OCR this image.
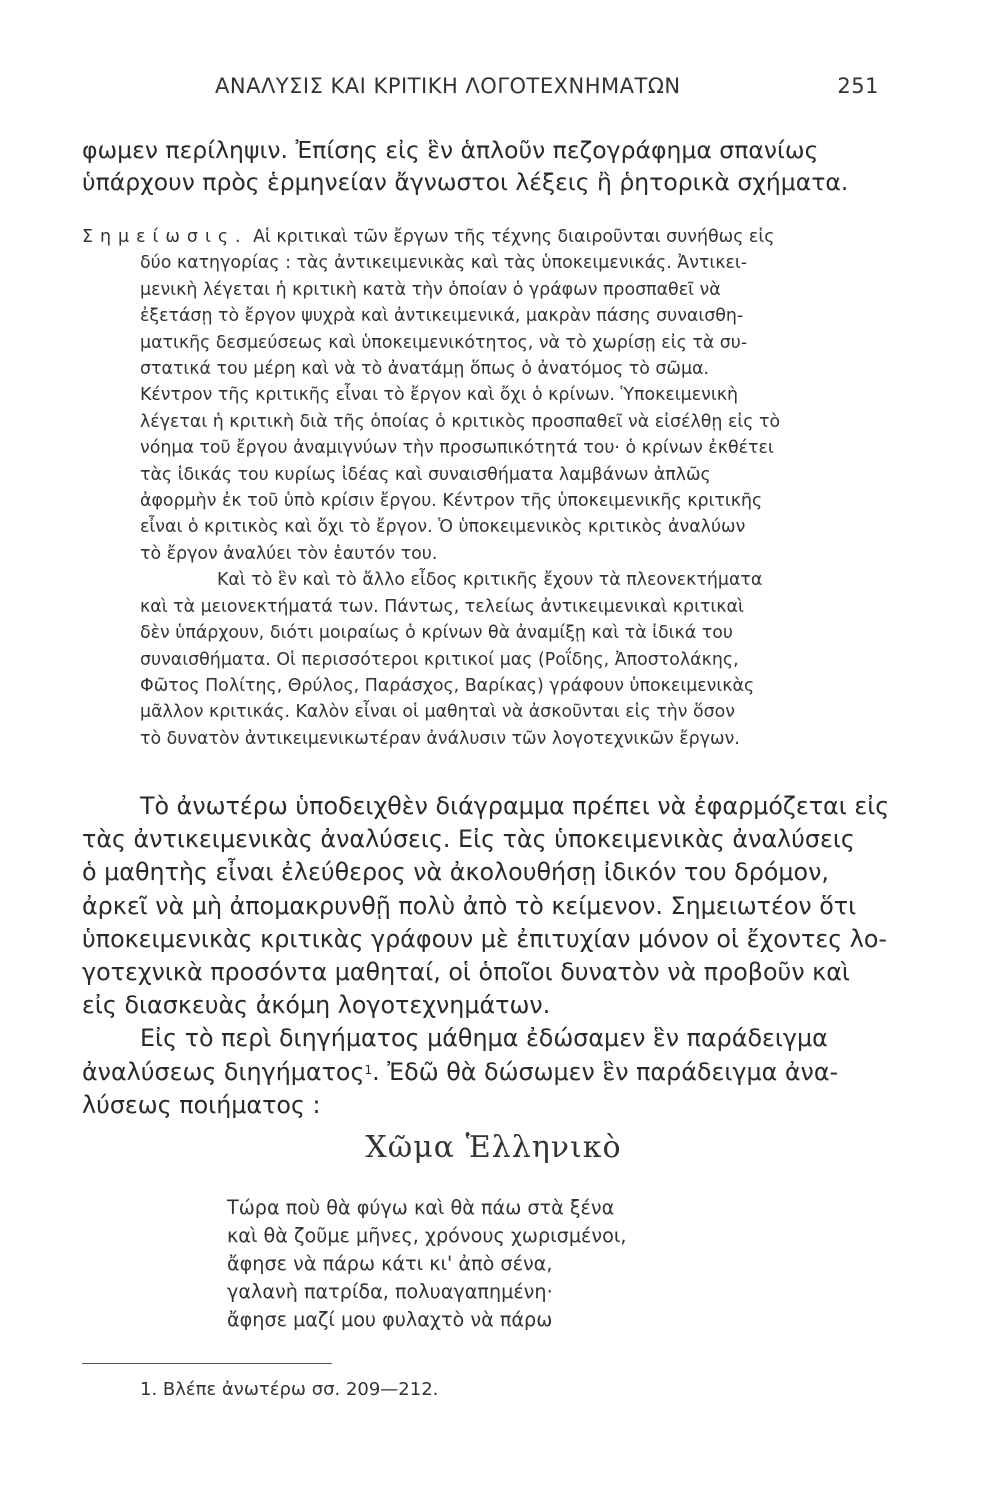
ΑΝΑΛΥΣΙΣ ΚΑΙ ΚΡΙΤΙΚΗ ΛΟΓΟΤΕΧΝΗΜΑΤΩΝ	251

φωμεν περίληψιν. Ἐπίσης εἰς ἓν ἁπλοῦν πεζογράφημα σπανίως
ὑπάρχουν πρὸς ἑρμηνείαν ἄγνωστοι λέξεις ἢ ῥητορικὰ σχήματα.

Σημείωσις. Αἱ κριτικαὶ τῶν ἔργων τῆς τέχνης διαιροῦνται συνήθως εἰς
δύο κατηγορίας : τὰς ἀντικειμενικὰς καὶ τὰς ὑποκειμενικάς. Ἀντικει-
μενικὴ λέγεται ἡ κριτικὴ κατὰ τὴν ὁποίαν ὁ γράφων προσπαθεῖ νὰ
ἐξετάσῃ τὸ ἔργον ψυχρὰ καὶ ἀντικειμενικά, μακρὰν πάσης συναισθη-
ματικῆς δεσμεύσεως καὶ ὑποκειμενικότητος, νὰ τὸ χωρίσῃ εἰς τὰ συ-
στατικά του μέρη καὶ νὰ τὸ ἀνατάμῃ ὅπως ὁ ἀνατόμος τὸ σῶμα.
Κέντρον τῆς κριτικῆς εἶναι τὸ ἔργον καὶ ὄχι ὁ κρίνων. Ὑποκειμενικὴ
λέγεται ἡ κριτικὴ διὰ τῆς ὁποίας ὁ κριτικὸς προσπαθεῖ νὰ εἰσέλθῃ εἰς τὸ
νόημα τοῦ ἔργου ἀναμιγνύων τὴν προσωπικότητά του· ὁ κρίνων ἐκθέτει
τὰς ἰδικάς του κυρίως ἰδέας καὶ συναισθήματα λαμβάνων ἁπλῶς
ἀφορμὴν ἐκ τοῦ ὑπὸ κρίσιν ἔργου. Κέντρον τῆς ὑποκειμενικῆς κριτικῆς
εἶναι ὁ κριτικὸς καὶ ὄχι τὸ ἔργον. Ὁ ὑποκειμενικὸς κριτικὸς ἀναλύων
τὸ ἔργον ἀναλύει τὸν ἑαυτόν του.
Καὶ τὸ ἓν καὶ τὸ ἄλλο εἶδος κριτικῆς ἔχουν τὰ πλεονεκτήματα
καὶ τὰ μειονεκτήματά των. Πάντως, τελείως ἀντικειμενικαὶ κριτικαὶ
δὲν ὑπάρχουν, διότι μοιραίως ὁ κρίνων θὰ ἀναμίξῃ καὶ τὰ ἰδικά του
συναισθήματα. Οἱ περισσότεροι κριτικοί μας (Ροΐδης, Ἀποστολάκης,
Φῶτος Πολίτης, Θρύλος, Παράσχος, Βαρίκας) γράφουν ὑποκειμενικὰς
μᾶλλον κριτικάς. Καλὸν εἶναι οἱ μαθηταὶ νὰ ἀσκοῦνται εἰς τὴν ὅσον
τὸ δυνατὸν ἀντικειμενικωτέραν ἀνάλυσιν τῶν λογοτεχνικῶν ἔργων.
Τὸ ἀνωτέρω ὑποδειχθὲν διάγραμμα πρέπει νὰ ἐφαρμόζεται εἰς
τὰς ἀντικειμενικὰς ἀναλύσεις. Εἰς τὰς ὑποκειμενικὰς ἀναλύσεις
ὁ μαθητὴς εἶναι ἐλεύθερος νὰ ἀκολουθήσῃ ἰδικόν του δρόμον,
ἀρκεῖ νὰ μὴ ἀπομακρυνθῇ πολὺ ἀπὸ τὸ κείμενον. Σημειωτέον ὅτι
ὑποκειμενικὰς κριτικὰς γράφουν μὲ ἐπιτυχίαν μόνον οἱ ἔχοντες λο-
γοτεχνικὰ προσόντα μαθηταί, οἱ ὁποῖοι δυνατὸν νὰ προβοῦν καὶ
εἰς διασκευὰς ἀκόμη λογοτεχνημάτων.
Εἰς τὸ περὶ διηγήματος μάθημα ἐδώσαμεν ἓν παράδειγμα
ἀναλύσεως διηγήματος$^1$. Ἐδῶ θὰ δώσωμεν ἓν παράδειγμα ἀνα-
λύσεως ποιήματος :
Χῶμα Ἑλληνικὸ
Τώρα ποὺ θὰ φύγω καὶ θὰ πάω στὰ ξένα
καὶ θὰ ζοῦμε μῆνες, χρόνους χωρισμένοι,
ἄφησε νὰ πάρω κάτι κι' ἀπὸ σένα,
γαλανὴ πατρίδα, πολυαγαπημένη·
ἄφησε μαζί μου φυλαχτὸ νὰ πάρω

1. Βλέπε ἀνωτέρω σσ. 209—212.
